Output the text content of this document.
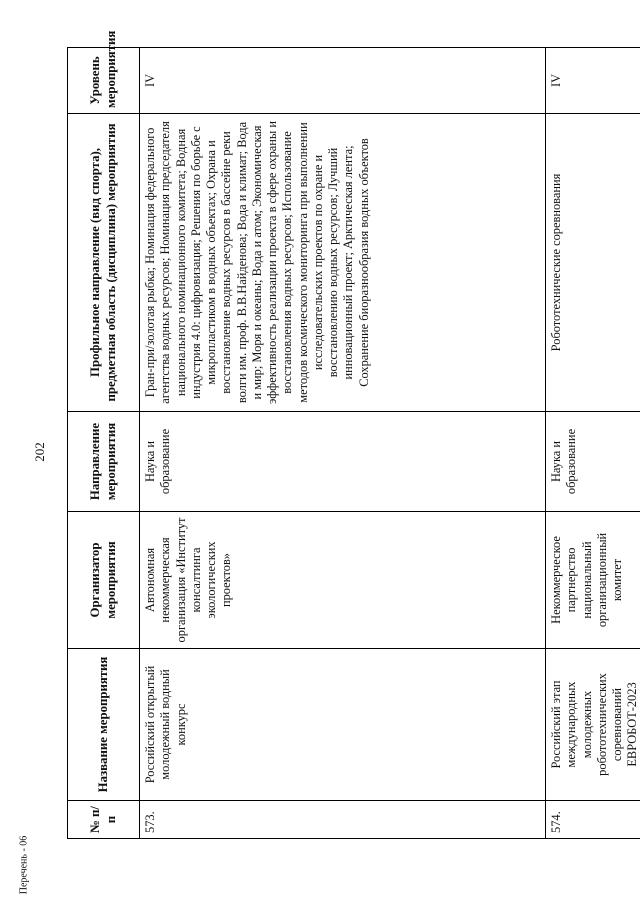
202
Перечень - 06
№ п/п	Название мероприятия	Организатор мероприятия	Направление мероприятия	Профильное направление (вид спорта), предметная область (дисциплина) мероприятия	Уровень мероприятия
573.	Российский открытый молодежный водный конкурс	Автономная некоммерческая организация «Институт консалтинга экологических проектов»	Наука и образование	Гран-при/золотая рыбка; Номинация федерального агентства водных ресурсов; Номинация председателя национального номинационного комитета; Водная индустрия 4.0: цифровизация; Решения по борьбе с микропластиком в водных объектах; Охрана и восстановление водных ресурсов в бассейне реки волги им. проф. В.В.Найденова; Вода и климат; Вода и мир; Моря и океаны; Вода и атом; Экономическая эффективность реализации проекта в сфере охраны и восстановления водных ресурсов; Использование методов космического мониторинга при выполнении исследовательских проектов по охране и восстановлению водных ресурсов; Лучший инновационный проект; Арктическая лента; Сохранение биоразнообразия водных объектов	IV
574.	Российский этап международных молодежных робототехнических соревнований ЕВРОБОТ-2023	Некоммерческое партнерство национальный организационный комитет	Наука и образование	Робототехнические соревнования	IV
